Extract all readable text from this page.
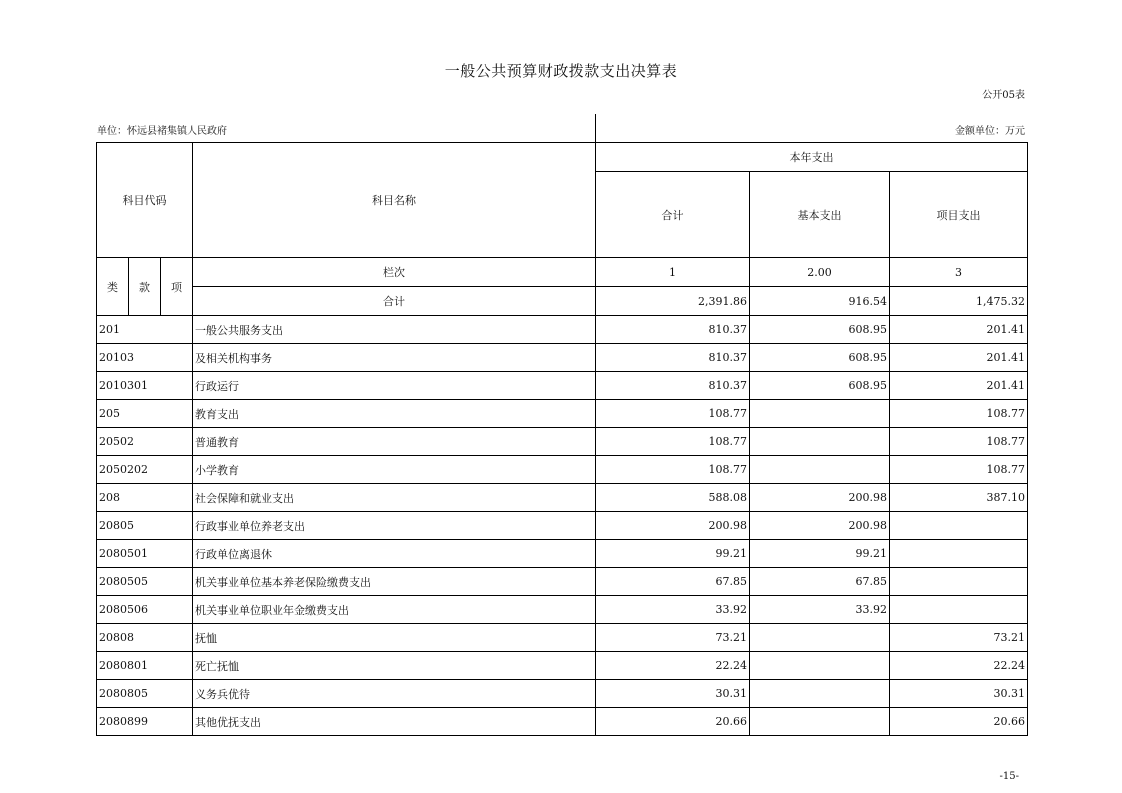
一般公共预算财政拨款支出决算表
公开05表
单位：怀远县褚集镇人民政府	金额单位：万元
科目代码			科目名称	本年支出		
				合计	基本支出	项目支出
类	款	项	栏次	1	2.00	3
			合计	2,391.86	916.54	1,475.32
201			一般公共服务支出	810.37	608.95	201.41
20103			及相关机构事务	810.37	608.95	201.41
2010301			行政运行	810.37	608.95	201.41
205			教育支出	108.77		108.77
20502			普通教育	108.77		108.77
2050202			小学教育	108.77		108.77
208			社会保障和就业支出	588.08	200.98	387.10
20805			行政事业单位养老支出	200.98	200.98	
2080501			行政单位离退休	99.21	99.21	
2080505			机关事业单位基本养老保险缴费支出	67.85	67.85	
2080506			机关事业单位职业年金缴费支出	33.92	33.92	
20808			抚恤	73.21		73.21
2080801			死亡抚恤	22.24		22.24
2080805			义务兵优待	30.31		30.31
2080899			其他优抚支出	20.66		20.66
-15-
